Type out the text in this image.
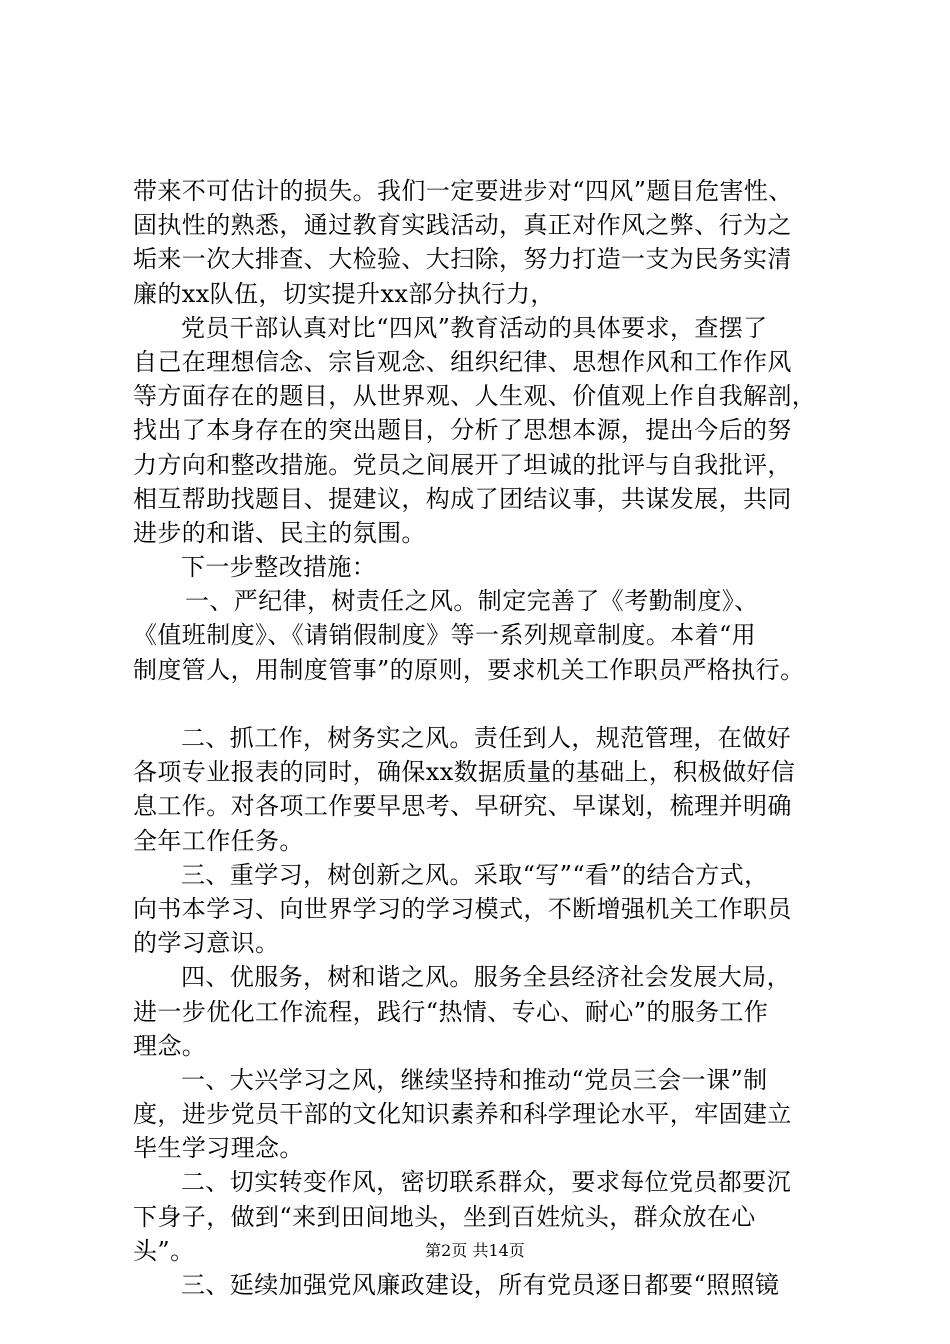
带来不可估计的损失。我们一定要进步对“四风”题目危害性、
固执性的熟悉，通过教育实践活动，真正对作风之弊、行为之
垢来一次大排查、大检验、大扫除，努力打造一支为民务实清
廉的xx队伍，切实提升xx部分执行力，
党员干部认真对比“四风”教育活动的具体要求，查摆了
自己在理想信念、宗旨观念、组织纪律、思想作风和工作作风
等方面存在的题目，从世界观、人生观、价值观上作自我解剖，
找出了本身存在的突出题目，分析了思想本源，提出今后的努
力方向和整改措施。党员之间展开了坦诚的批评与自我批评，
相互帮助找题目、提建议，构成了团结议事，共谋发展，共同
进步的和谐、民主的氛围。
下一步整改措施：
一、严纪律，树责任之风。制定完善了《考勤制度》、
《值班制度》、《请销假制度》等一系列规章制度。本着“用
制度管人，用制度管事”的原则，要求机关工作职员严格执行。
二、抓工作，树务实之风。责任到人，规范管理，在做好
各项专业报表的同时，确保xx数据质量的基础上，积极做好信
息工作。对各项工作要早思考、早研究、早谋划，梳理并明确
全年工作任务。
三、重学习，树创新之风。采取“写”“看”的结合方式，
向书本学习、向世界学习的学习模式，不断增强机关工作职员
的学习意识。
四、优服务，树和谐之风。服务全县经济社会发展大局，
进一步优化工作流程，践行“热情、专心、耐心”的服务工作
理念。
一、大兴学习之风，继续坚持和推动“党员三会一课”制
度，进步党员干部的文化知识素养和科学理论水平，牢固建立
毕生学习理念。
二、切实转变作风，密切联系群众，要求每位党员都要沉
下身子，做到“来到田间地头，坐到百姓炕头，群众放在心
头”。
三、延续加强党风廉政建设，所有党员逐日都要“照照镜
第2页 共14页
